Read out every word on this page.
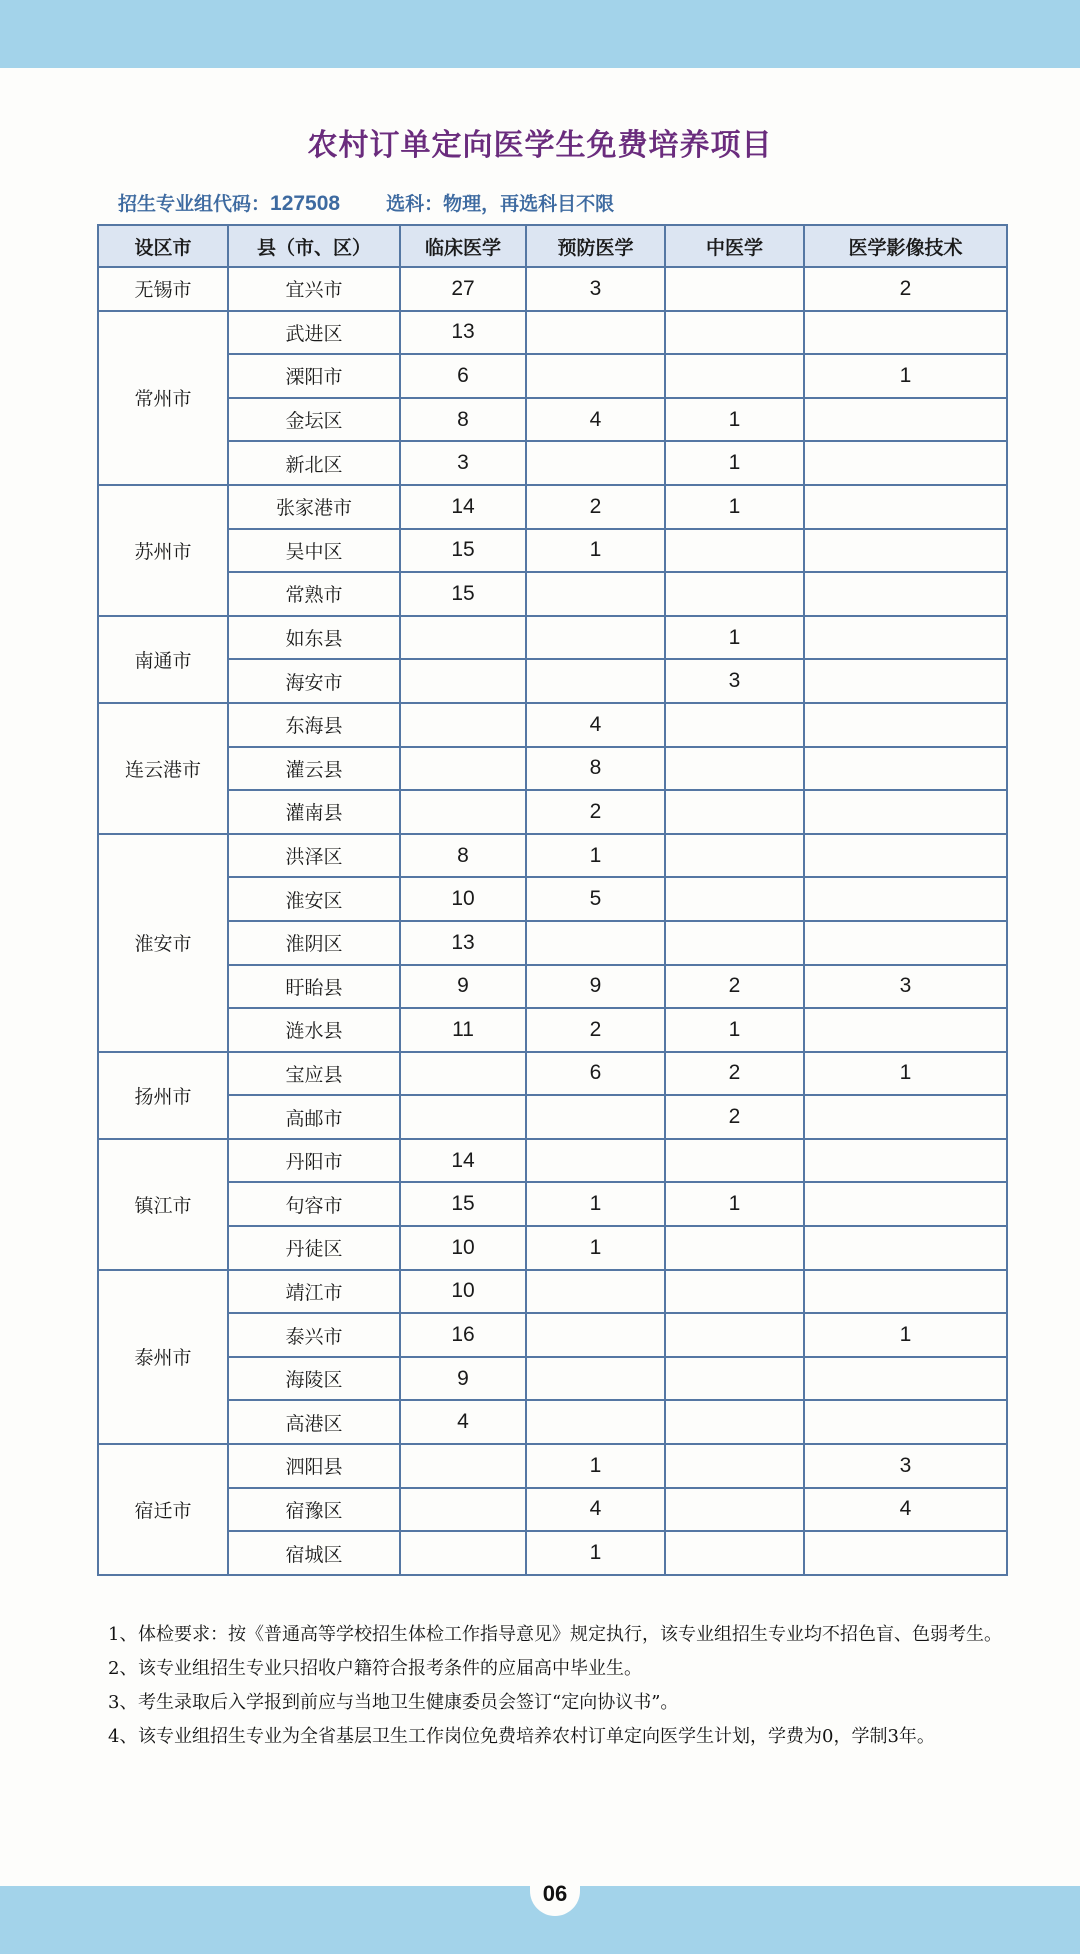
农村订单定向医学生免费培养项目
招生专业组代码：127508 选科：物理，再选科目不限
设区市	县（市、区）	临床医学	预防医学	中医学	医学影像技术
无锡市	宜兴市	27	3		2
常州市	武进区	13			
	溧阳市	6			1
	金坛区	8	4	1	
	新北区	3		1	
苏州市	张家港市	14	2	1	
	吴中区	15	1		
	常熟市	15			
南通市	如东县			1	
	海安市			3	
连云港市	东海县		4		
	灌云县		8		
	灌南县		2		
淮安市	洪泽区	8	1		
	淮安区	10	5		
	淮阴区	13			
	盱眙县	9	9	2	3
	涟水县	11	2	1	
扬州市	宝应县		6	2	1
	高邮市			2	
镇江市	丹阳市	14			
	句容市	15	1	1	
	丹徒区	10	1		
泰州市	靖江市	10			
	泰兴市	16			1
	海陵区	9			
	高港区	4			
宿迁市	泗阳县		1		3
	宿豫区		4		4
	宿城区		1		
1、 体检要求：按《普通高等学校招生体检工作指导意见》规定执行，该专业组招生专业均不招色盲、色弱考生。
2、 该专业组招生专业只招收户籍符合报考条件的应届高中毕业生。
3、 考生录取后入学报到前应与当地卫生健康委员会签订“定向协议书”。
4、 该专业组招生专业为全省基层卫生工作岗位免费培养农村订单定向医学生计划，学费为0，学制3年。
06
